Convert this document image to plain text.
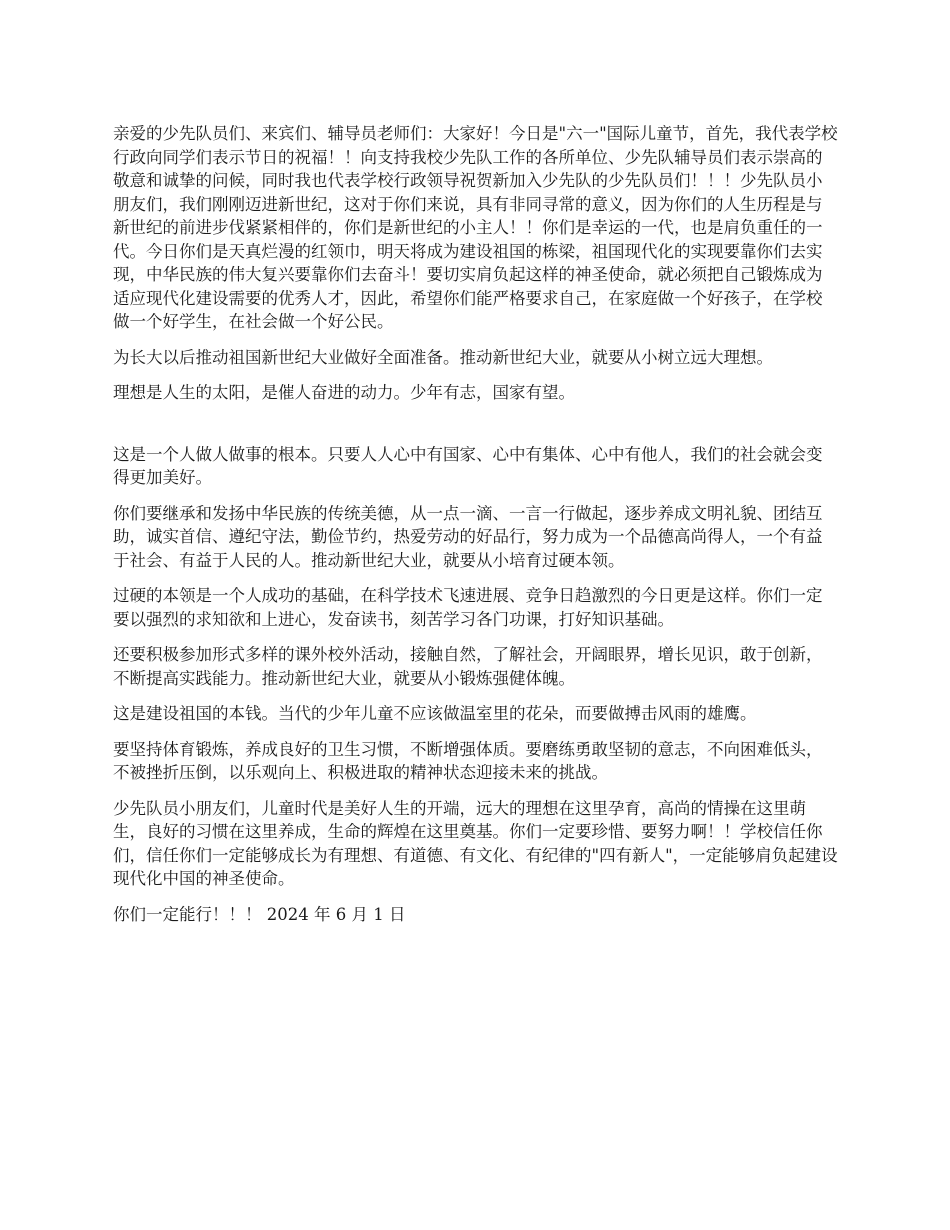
亲爱的少先队员们、来宾们、辅导员老师们：大家好！今日是"六一"国际儿童节，首先，我代表学校行政向同学们表示节日的祝福！！向支持我校少先队工作的各所单位、少先队辅导员们表示崇高的敬意和诚挚的问候，同时我也代表学校行政领导祝贺新加入少先队的少先队员们！！！少先队员小朋友们，我们刚刚迈进新世纪，这对于你们来说，具有非同寻常的意义，因为你们的人生历程是与新世纪的前进步伐紧紧相伴的，你们是新世纪的小主人！！你们是幸运的一代，也是肩负重任的一代。今日你们是天真烂漫的红领巾，明天将成为建设祖国的栋梁，祖国现代化的实现要靠你们去实现，中华民族的伟大复兴要靠你们去奋斗！要切实肩负起这样的神圣使命，就必须把自己锻炼成为适应现代化建设需要的优秀人才，因此，希望你们能严格要求自己，在家庭做一个好孩子，在学校做一个好学生，在社会做一个好公民。

为长大以后推动祖国新世纪大业做好全面准备。推动新世纪大业，就要从小树立远大理想。

理想是人生的太阳，是催人奋进的动力。少年有志，国家有望。

这是一个人做人做事的根本。只要人人心中有国家、心中有集体、心中有他人，我们的社会就会变得更加美好。

你们要继承和发扬中华民族的传统美德，从一点一滴、一言一行做起，逐步养成文明礼貌、团结互助，诚实首信、遵纪守法，勤俭节约，热爱劳动的好品行，努力成为一个品德高尚得人，一个有益于社会、有益于人民的人。推动新世纪大业，就要从小培育过硬本领。

过硬的本领是一个人成功的基础，在科学技术飞速进展、竞争日趋激烈的今日更是这样。你们一定要以强烈的求知欲和上进心，发奋读书，刻苦学习各门功课，打好知识基础。

还要积极参加形式多样的课外校外活动，接触自然，了解社会，开阔眼界，增长见识，敢于创新，不断提高实践能力。推动新世纪大业，就要从小锻炼强健体魄。

这是建设祖国的本钱。当代的少年儿童不应该做温室里的花朵，而要做搏击风雨的雄鹰。

要坚持体育锻炼，养成良好的卫生习惯，不断增强体质。要磨练勇敢坚韧的意志，不向困难低头，不被挫折压倒，以乐观向上、积极进取的精神状态迎接未来的挑战。

少先队员小朋友们，儿童时代是美好人生的开端，远大的理想在这里孕育，高尚的情操在这里萌生，良好的习惯在这里养成，生命的辉煌在这里奠基。你们一定要珍惜、要努力啊！！学校信任你们，信任你们一定能够成长为有理想、有道德、有文化、有纪律的"四有新人"，一定能够肩负起建设现代化中国的神圣使命。

你们一定能行！！！ 2024 年 6 月 1 日
